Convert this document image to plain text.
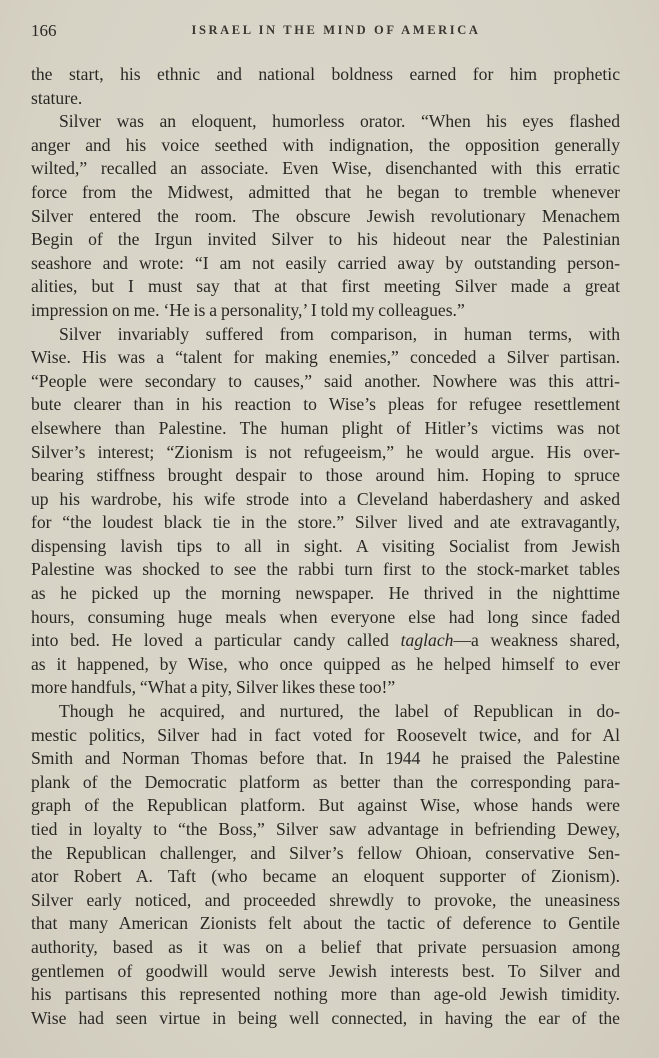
166	ISRAEL IN THE MIND OF AMERICA
the start, his ethnic and national boldness earned for him prophetic
stature.
Silver was an eloquent, humorless orator. “When his eyes flashed
anger and his voice seethed with indignation, the opposition generally
wilted,” recalled an associate. Even Wise, disenchanted with this erratic
force from the Midwest, admitted that he began to tremble whenever
Silver entered the room. The obscure Jewish revolutionary Menachem
Begin of the Irgun invited Silver to his hideout near the Palestinian
seashore and wrote: “I am not easily carried away by outstanding person-
alities, but I must say that at that first meeting Silver made a great
impression on me. ‘He is a personality,’ I told my colleagues.”
Silver invariably suffered from comparison, in human terms, with
Wise. His was a “talent for making enemies,” conceded a Silver partisan.
“People were secondary to causes,” said another. Nowhere was this attri-
bute clearer than in his reaction to Wise’s pleas for refugee resettlement
elsewhere than Palestine. The human plight of Hitler’s victims was not
Silver’s interest; “Zionism is not refugeeism,” he would argue. His over-
bearing stiffness brought despair to those around him. Hoping to spruce
up his wardrobe, his wife strode into a Cleveland haberdashery and asked
for “the loudest black tie in the store.” Silver lived and ate extravagantly,
dispensing lavish tips to all in sight. A visiting Socialist from Jewish
Palestine was shocked to see the rabbi turn first to the stock-market tables
as he picked up the morning newspaper. He thrived in the nighttime
hours, consuming huge meals when everyone else had long since faded
into bed. He loved a particular candy called taglach—a weakness shared,
as it happened, by Wise, who once quipped as he helped himself to ever
more handfuls, “What a pity, Silver likes these too!”
Though he acquired, and nurtured, the label of Republican in do-
mestic politics, Silver had in fact voted for Roosevelt twice, and for Al
Smith and Norman Thomas before that. In 1944 he praised the Palestine
plank of the Democratic platform as better than the corresponding para-
graph of the Republican platform. But against Wise, whose hands were
tied in loyalty to “the Boss,” Silver saw advantage in befriending Dewey,
the Republican challenger, and Silver’s fellow Ohioan, conservative Sen-
ator Robert A. Taft (who became an eloquent supporter of Zionism).
Silver early noticed, and proceeded shrewdly to provoke, the uneasiness
that many American Zionists felt about the tactic of deference to Gentile
authority, based as it was on a belief that private persuasion among
gentlemen of goodwill would serve Jewish interests best. To Silver and
his partisans this represented nothing more than age-old Jewish timidity.
Wise had seen virtue in being well connected, in having the ear of the
